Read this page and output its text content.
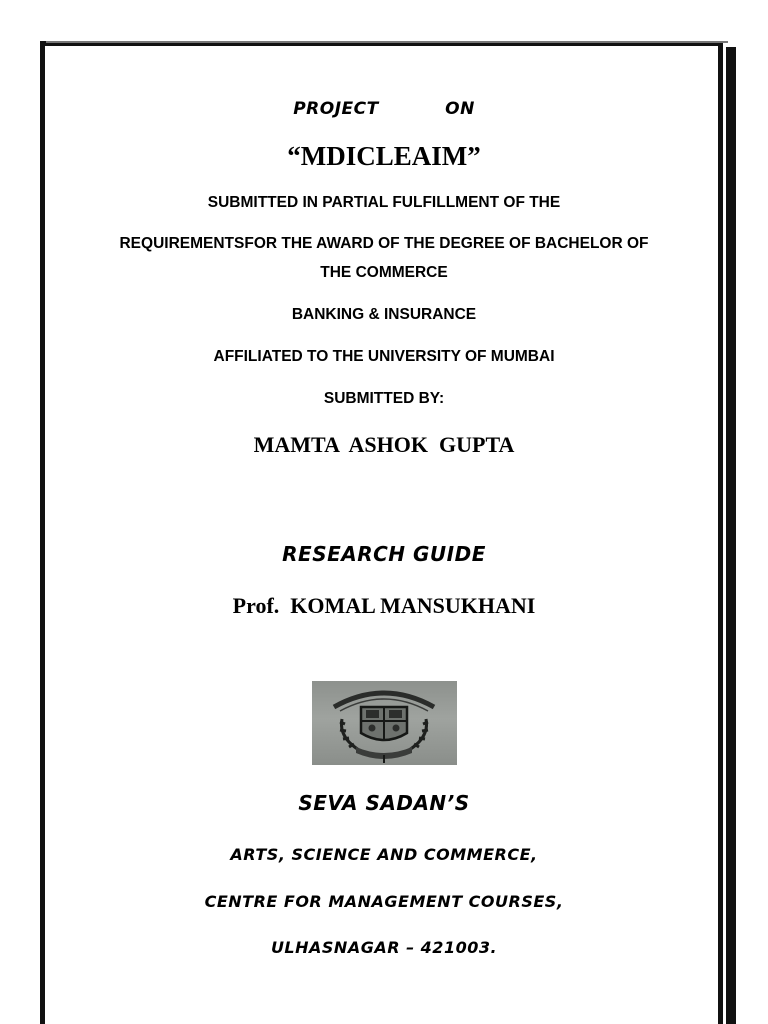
PROJECT	ON
“MDICLEAIM”
SUBMITTED IN PARTIAL FULFILLMENT OF THE
REQUIREMENTSFOR THE AWARD OF THE DEGREE OF BACHELOR OF
THE COMMERCE
BANKING & INSURANCE
AFFILIATED TO THE UNIVERSITY OF MUMBAI
SUBMITTED BY:
MAMTA  ASHOK  GUPTA
RESEARCH GUIDE
Prof.  KOMAL MANSUKHANI
SEVA SADAN’S
ARTS, SCIENCE AND COMMERCE,
CENTRE FOR MANAGEMENT COURSES,
ULHASNAGAR – 421003.
